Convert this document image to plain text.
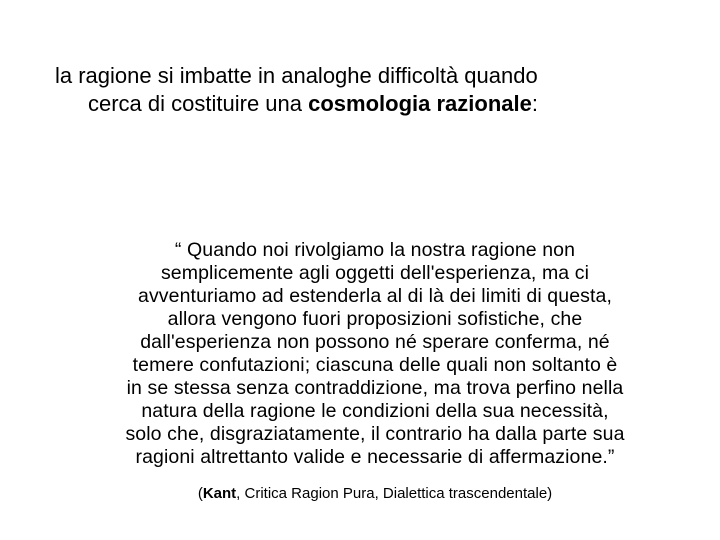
la ragione si imbatte in analoghe difficoltà quando
cerca di costituire una cosmologia razionale:
“ Quando noi rivolgiamo la nostra ragione non
semplicemente agli oggetti dell'esperienza, ma ci
avventuriamo ad estenderla al di là dei limiti di questa,
allora vengono fuori proposizioni sofistiche, che
dall'esperienza non possono né sperare conferma, né
temere confutazioni; ciascuna delle quali non soltanto è
in se stessa senza contraddizione, ma trova perfino nella
natura della ragione le condizioni della sua necessità,
solo che, disgraziatamente, il contrario ha dalla parte sua
ragioni altrettanto valide e necessarie di affermazione.”
(Kant, Critica Ragion Pura, Dialettica trascendentale)
